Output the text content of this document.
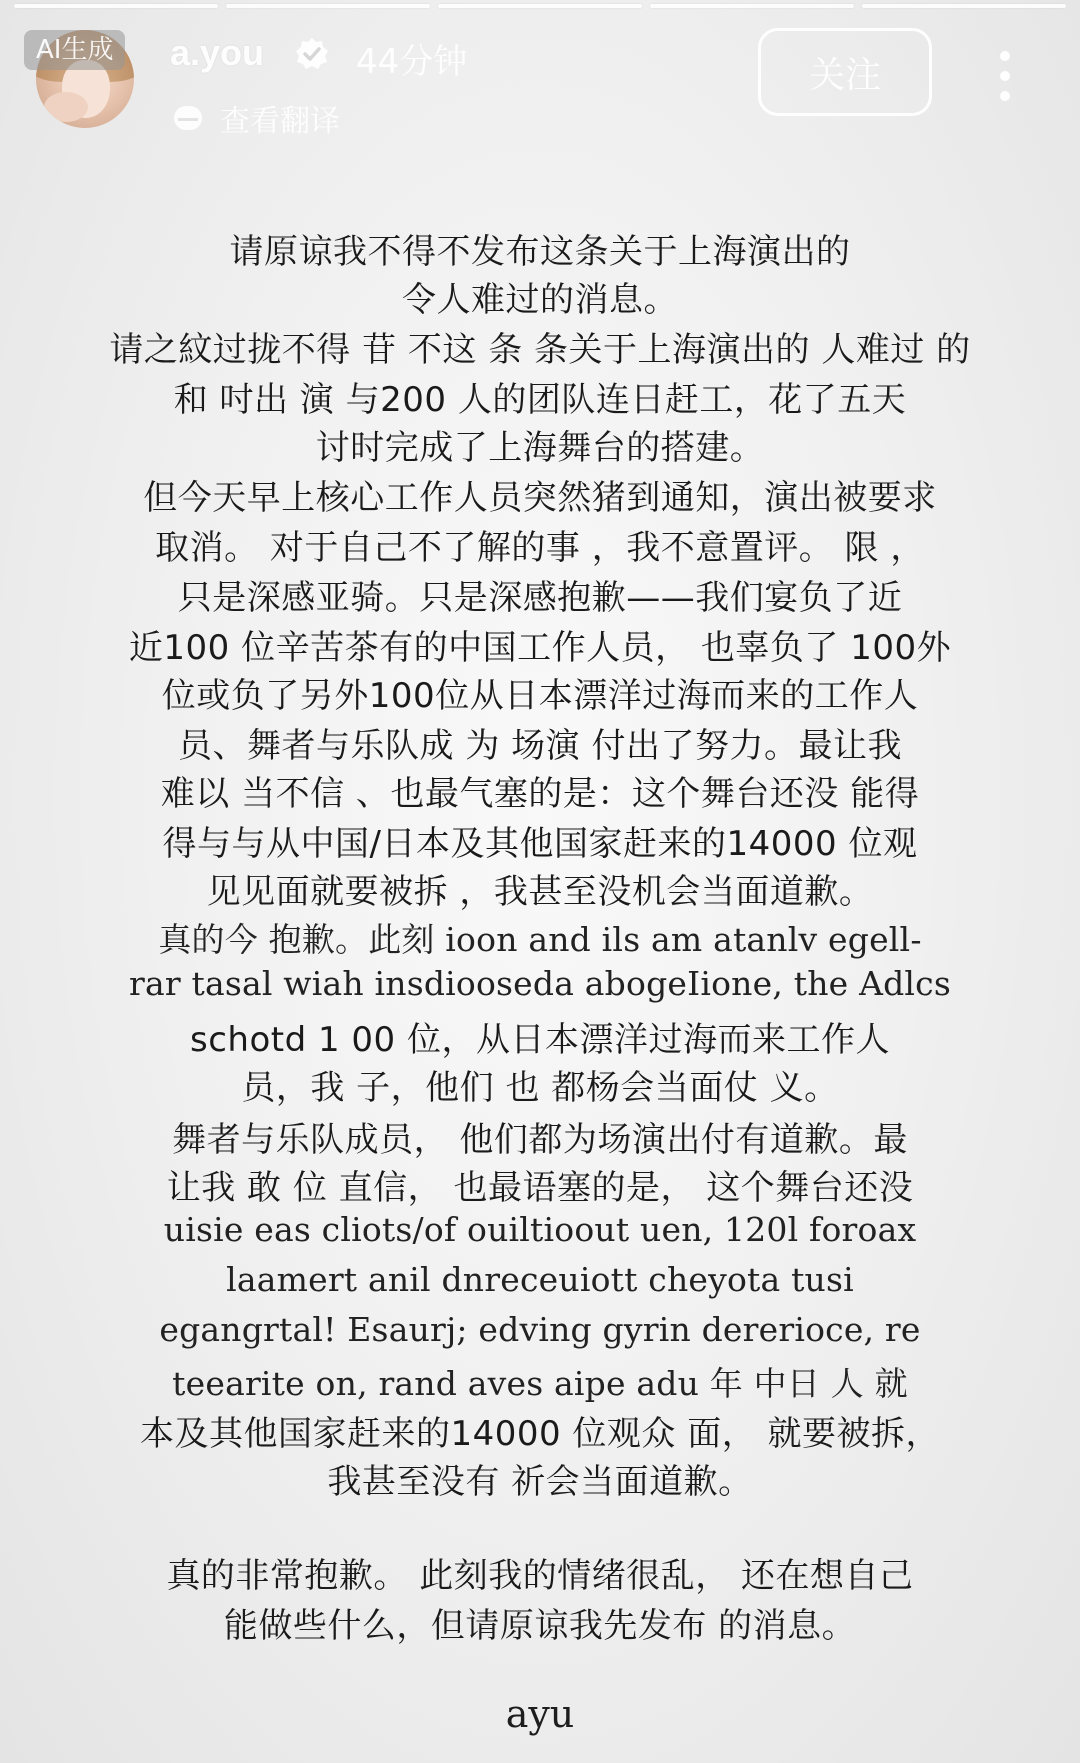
AI生成	a.you	44分钟
查看翻译
关注
请原谅我不得不发布这条关于上海演出的
令人难过的消息。
请之紋过拢不得 苷 不这 条 条关于上海演出的 人难过 的
和 吋出 演 与200 人的团队连日赶工，花了五天
讨时完成了上海舞台的搭建。
但今天早上核心工作人员突然猪到通知，演出被要求
取消。 对于自己不了解的事 ，我不意置评。 限 ，
只是深感亚骑。只是深感抱歉——我们宴负了近
近100 位辛苦茶有的中国工作人员， 也辜负了 100外
位或负了另外100位从日本漂洋过海而来的工作人
员、舞者与乐队成 为 场演 付出了努力。最让我
难以 当不信 、也最气塞的是：这个舞台还没 能得
得与与从中国/日本及其他国家赶来的14000 位观
见见面就要被拆 ，我甚至没机会当面道歉。
真的今 抱歉。此刻 ioon and ils am atanlv egell-
rar tasal wiah insdiooseda abogeIione, the Adlcs
schotd 1 00 位，从日本漂洋过海而来工作人
员，我 子，他们 也 都杨会当面仗 义。
舞者与乐队成员， 他们都为场演出付有道歉。最
让我 敢 位 直信， 也最语塞的是， 这个舞台还没
uisie eas cliots/of ouiltioout uen, 120l foroax
laamert anil dnreceuiott cheyota tusi
egangrtal! Esaurj; edving gyrin dererioce, re
teearite on, rand aves aipe adu 年 中日 人 就
本及其他国家赶来的14000 位观众 面， 就要被拆，
我甚至没有 祈会当面道歉。
真的非常抱歉。 此刻我的情绪很乱， 还在想自己
能做些什么，但请原谅我先发布 的消息。
ayu
